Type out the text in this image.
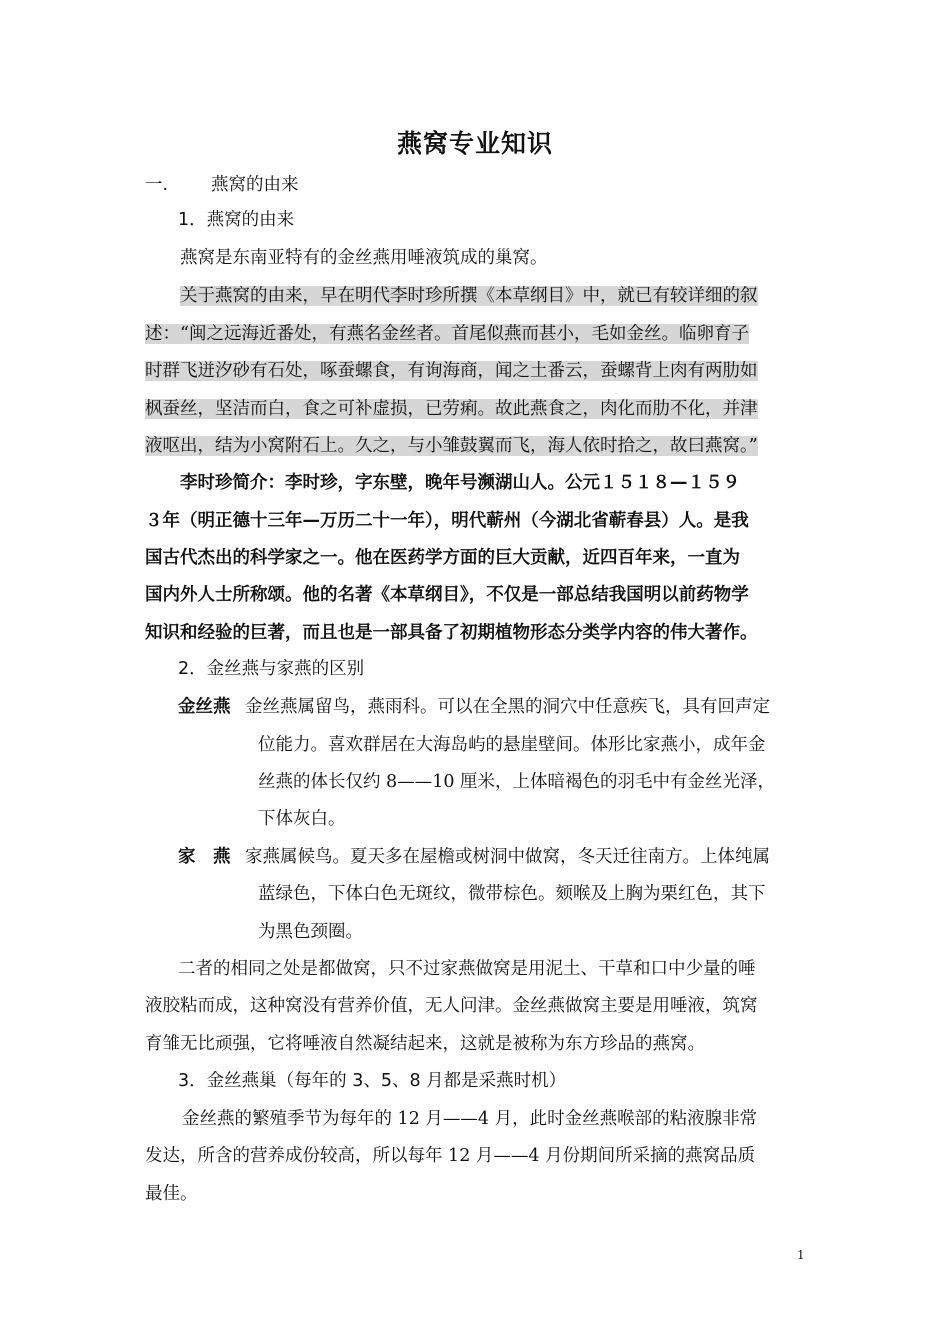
燕窝专业知识
一. 燕窝的由来
1．燕窝的由来
燕窝是东南亚特有的金丝燕用唾液筑成的巢窝。
关于燕窝的由来，早在明代李时珍所撰《本草纲目》中，就已有较详细的叙
述：“闽之远海近番处，有燕名金丝者。首尾似燕而甚小，毛如金丝。临卵育子
时群飞迸汐砂有石处，啄蚕螺食，有询海商，闻之土番云，蚕螺背上肉有两肋如
枫蚕丝，坚洁而白，食之可补虚损，已劳痢。故此燕食之，肉化而肋不化，并津
液呕出，结为小窝附石上。久之，与小雏鼓翼而飞，海人依时拾之，故曰燕窝。”
李时珍简介：李时珍，字东壁，晚年号濒湖山人。公元１５１８—１５９
３年（明正德十三年—万历二十一年），明代蕲州（今湖北省蕲春县）人。是我
国古代杰出的科学家之一。他在医药学方面的巨大贡献，近四百年来，一直为
国内外人士所称颂。他的名著《本草纲目》，不仅是一部总结我国明以前药物学
知识和经验的巨著，而且也是一部具备了初期植物形态分类学内容的伟大著作。
2．金丝燕与家燕的区别
金丝燕 金丝燕属留鸟，燕雨科。可以在全黑的洞穴中任意疾飞，具有回声定
位能力。喜欢群居在大海岛屿的悬崖壁间。体形比家燕小，成年金
丝燕的体长仅约 8——10 厘米，上体暗褐色的羽毛中有金丝光泽，
下体灰白。
家　燕 家燕属候鸟。夏天多在屋檐或树洞中做窝，冬天迁往南方。上体纯属
蓝绿色，下体白色无斑纹，微带棕色。颏喉及上胸为栗红色，其下
为黑色颈圈。
二者的相同之处是都做窝，只不过家燕做窝是用泥土、干草和口中少量的唾
液胶粘而成，这种窝没有营养价值，无人问津。金丝燕做窝主要是用唾液，筑窝
育雏无比顽强，它将唾液自然凝结起来，这就是被称为东方珍品的燕窝。
3．金丝燕巢（每年的 3、5、8 月都是采燕时机）
金丝燕的繁殖季节为每年的 12 月——4 月，此时金丝燕喉部的粘液腺非常
发达，所含的营养成份较高，所以每年 12 月——4 月份期间所采摘的燕窝品质
最佳。
1
